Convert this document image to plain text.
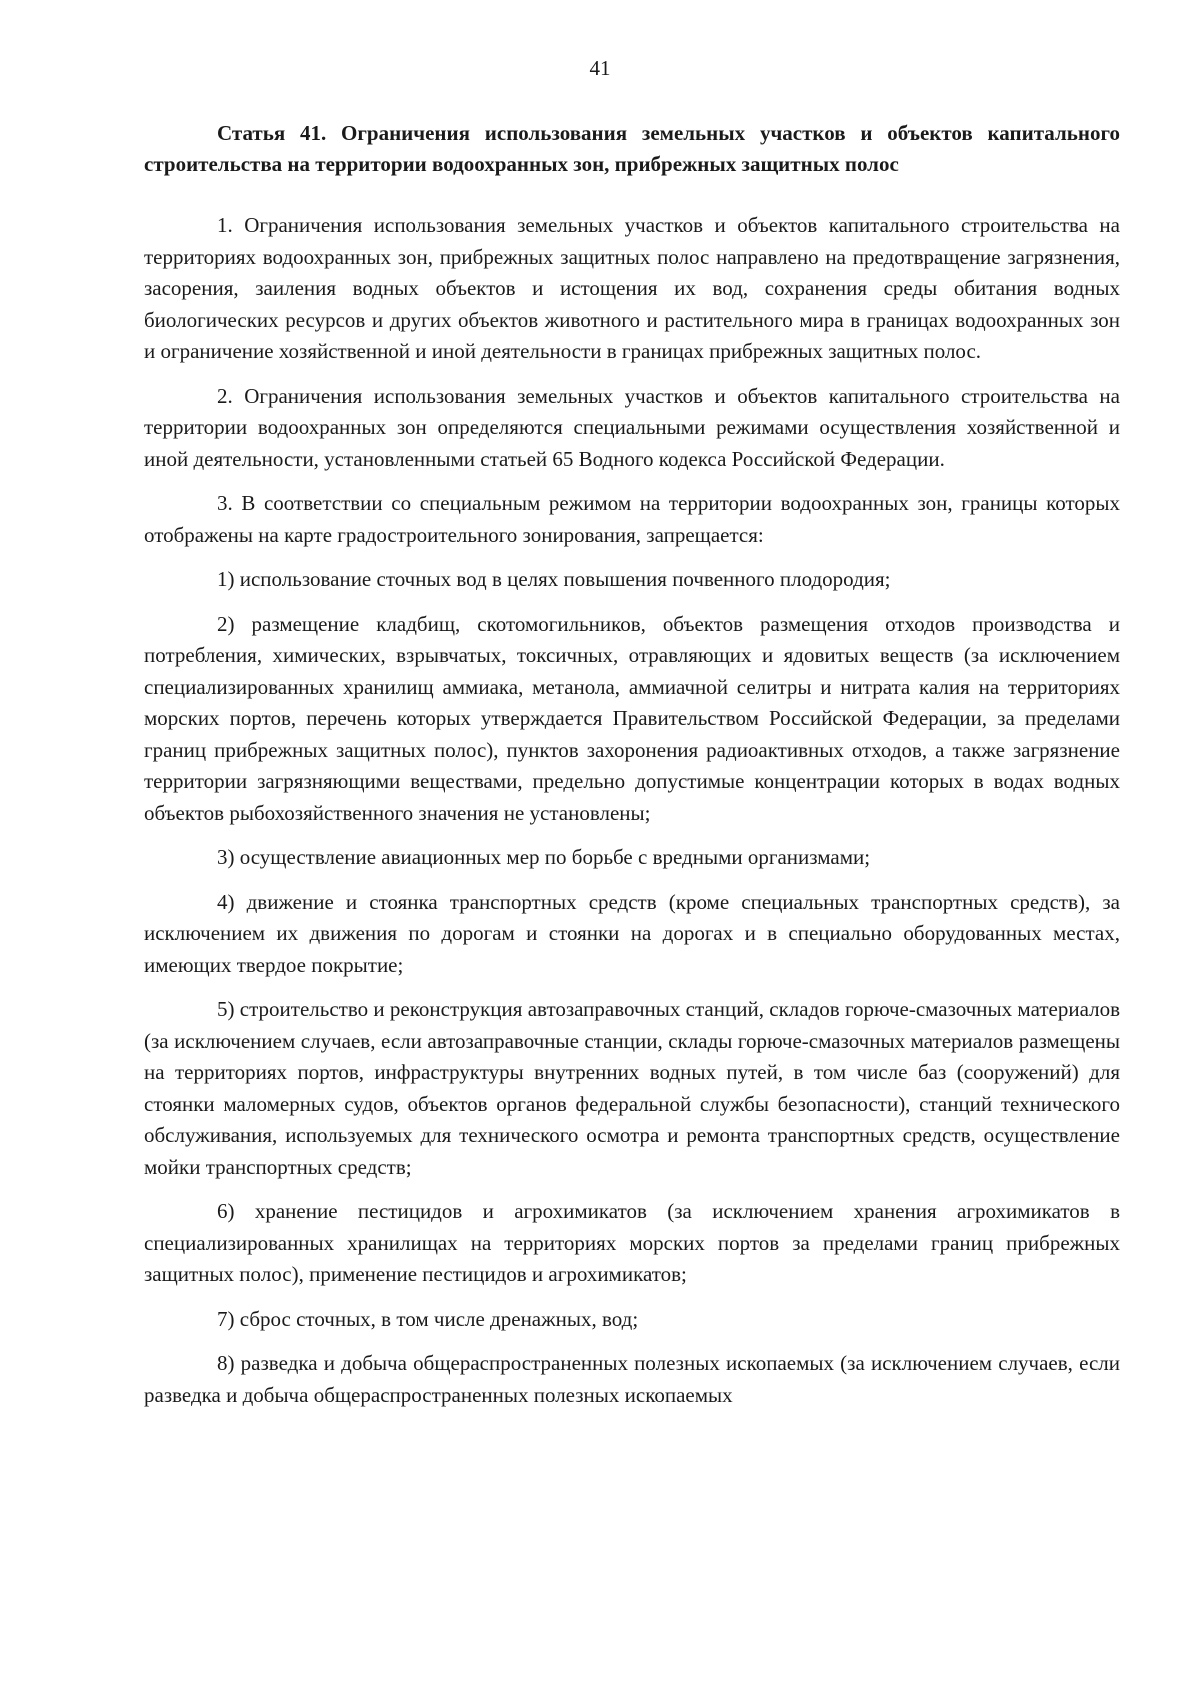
41

Статья 41. Ограничения использования земельных участков и объектов капитального строительства на территории водоохранных зон, прибрежных защитных полос

1. Ограничения использования земельных участков и объектов капитального строительства на территориях водоохранных зон, прибрежных защитных полос направлено на предотвращение загрязнения, засорения, заиления водных объектов и истощения их вод, сохранения среды обитания водных биологических ресурсов и других объектов животного и растительного мира в границах водоохранных зон и ограничение хозяйственной и иной деятельности в границах прибрежных защитных полос.

2. Ограничения использования земельных участков и объектов капитального строительства на территории водоохранных зон определяются специальными режимами осуществления хозяйственной и иной деятельности, установленными статьей 65 Водного кодекса Российской Федерации.

3. В соответствии со специальным режимом на территории водоохранных зон, границы которых отображены на карте градостроительного зонирования, запрещается:

1) использование сточных вод в целях повышения почвенного плодородия;

2) размещение кладбищ, скотомогильников, объектов размещения отходов производства и потребления, химических, взрывчатых, токсичных, отравляющих и ядовитых веществ (за исключением специализированных хранилищ аммиака, метанола, аммиачной селитры и нитрата калия на территориях морских портов, перечень которых утверждается Правительством Российской Федерации, за пределами границ прибрежных защитных полос), пунктов захоронения радиоактивных отходов, а также загрязнение территории загрязняющими веществами, предельно допустимые концентрации которых в водах водных объектов рыбохозяйственного значения не установлены;

3) осуществление авиационных мер по борьбе с вредными организмами;

4) движение и стоянка транспортных средств (кроме специальных транспортных средств), за исключением их движения по дорогам и стоянки на дорогах и в специально оборудованных местах, имеющих твердое покрытие;

5) строительство и реконструкция автозаправочных станций, складов горюче-смазочных материалов (за исключением случаев, если автозаправочные станции, склады горюче-смазочных материалов размещены на территориях портов, инфраструктуры внутренних водных путей, в том числе баз (сооружений) для стоянки маломерных судов, объектов органов федеральной службы безопасности), станций технического обслуживания, используемых для технического осмотра и ремонта транспортных средств, осуществление мойки транспортных средств;

6) хранение пестицидов и агрохимикатов (за исключением хранения агрохимикатов в специализированных хранилищах на территориях морских портов за пределами границ прибрежных защитных полос), применение пестицидов и агрохимикатов;

7) сброс сточных, в том числе дренажных, вод;

8) разведка и добыча общераспространенных полезных ископаемых (за исключением случаев, если разведка и добыча общераспространенных полезных ископаемых
